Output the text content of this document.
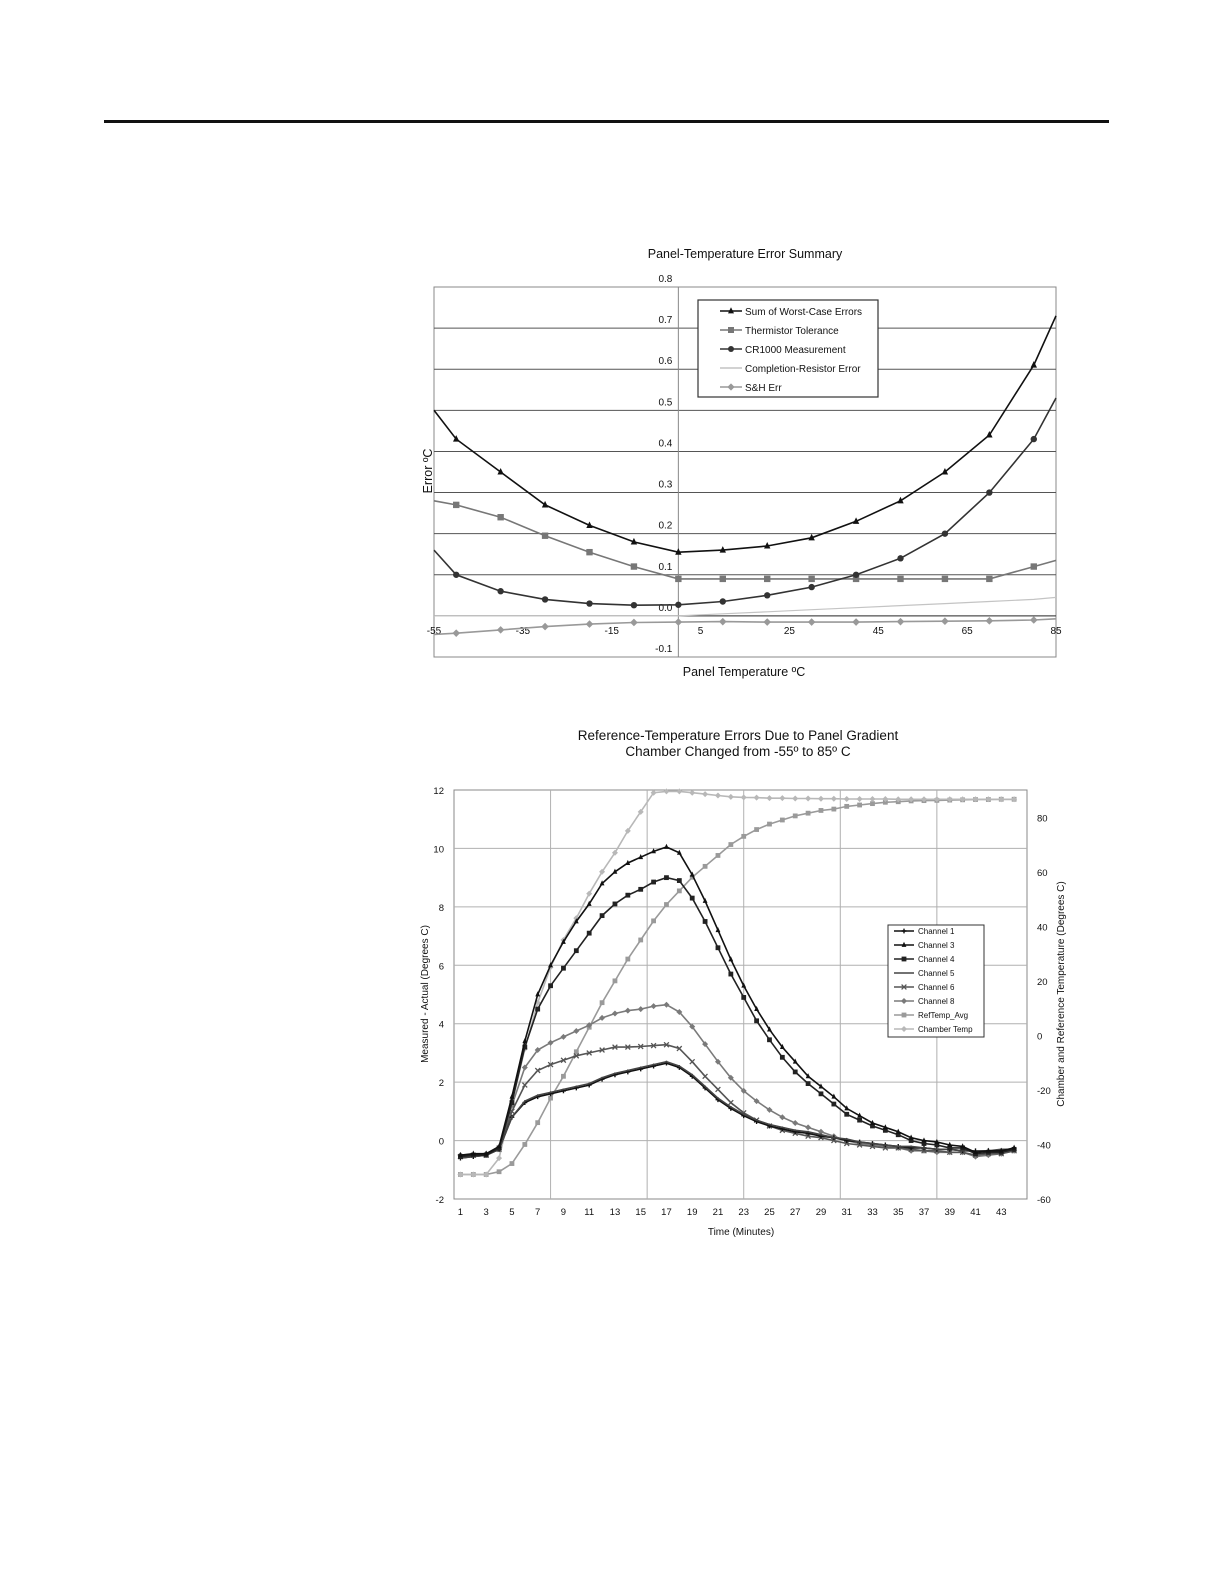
Panel-Temperature Error Summary
-0.1
0.0
0.1
0.2
0.3
0.4
0.5
0.6
0.7
0.8
-55	-35	-15	5	25	45	65	85
Error ºC
Panel Temperature ºC
Sum of Worst-Case Errors
Thermistor Tolerance
CR1000 Measurement
Completion-Resistor Error
S&H Err
Reference-Temperature Errors Due to Panel Gradient
Chamber Changed from -55º to 85º C
-2
0
2
4
6
8
10
12
-60
-40
-20
0
20
40
60
80
1 3 5 7 9 11 13 15 17 19 21 23 25 27 29 31 33 35 37 39 41 43
Measured - Actual (Degrees C)	Chamber and Reference Temperature (Degrees C)
Time (Minutes)
Channel 1
Channel 3
Channel 4
Channel 5
Channel 6
Channel 8
RefTemp_Avg
Chamber Temp
